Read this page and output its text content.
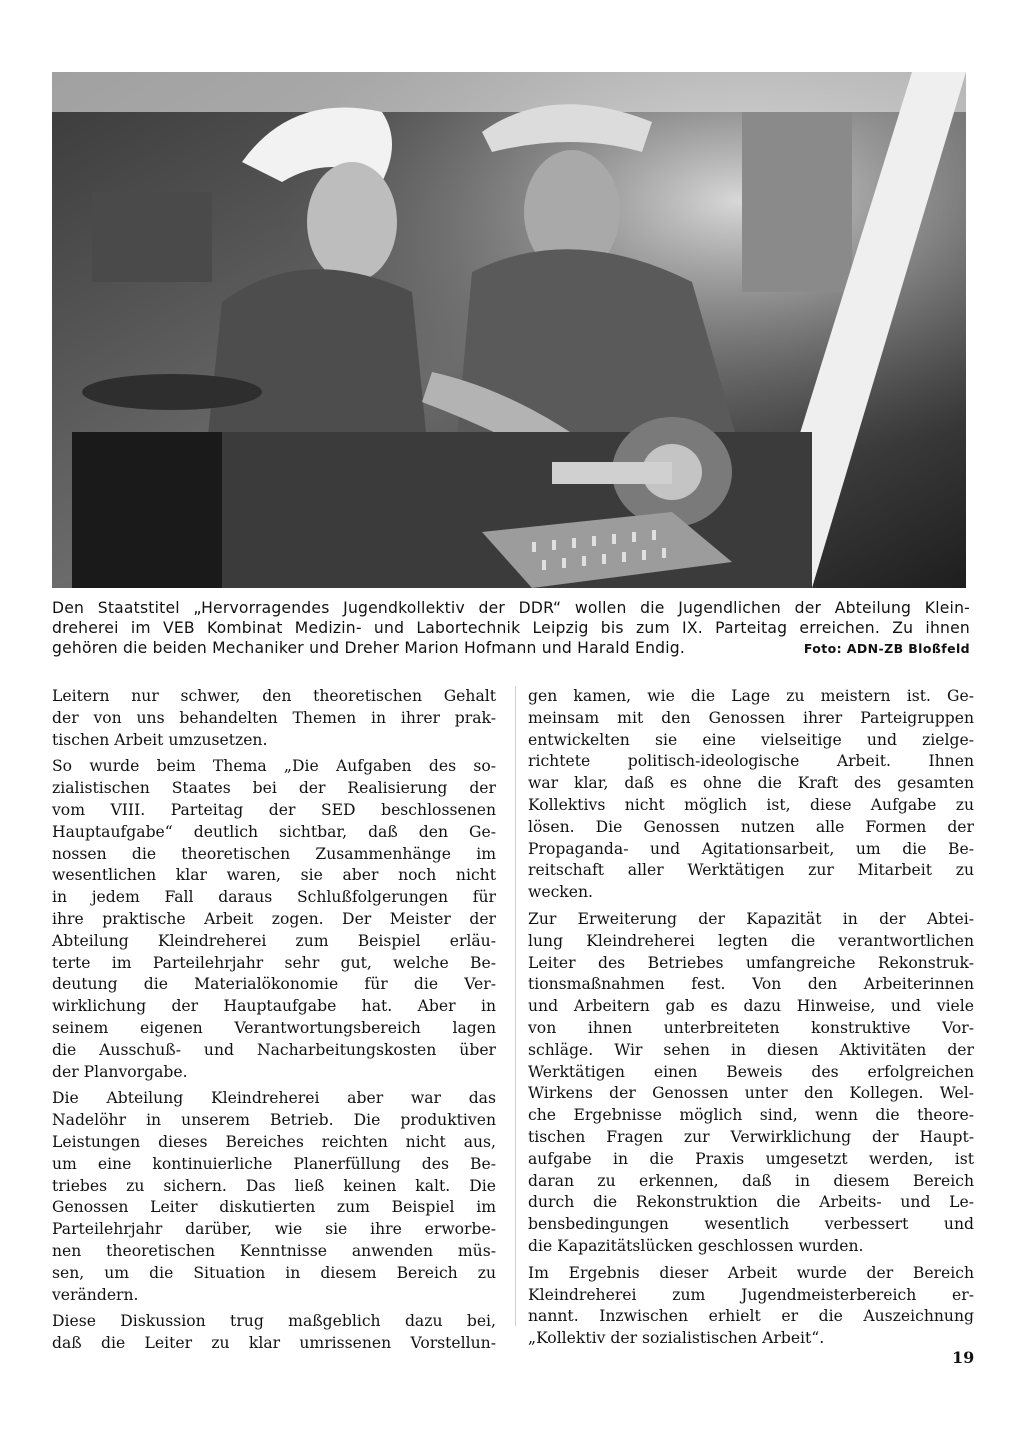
Den Staatstitel „Hervorragendes Jugendkollektiv der DDR“ wollen die Jugendlichen der Abteilung Klein-
dreherei im VEB Kombinat Medizin- und Labortechnik Leipzig bis zum IX. Parteitag erreichen. Zu ihnen
gehören die beiden Mechaniker und Dreher Marion Hofmann und Harald Endig.	Foto: ADN-ZB Bloßfeld

Leitern nur schwer, den theoretischen Gehalt
der von uns behandelten Themen in ihrer prak-
tischen Arbeit umzusetzen.

So wurde beim Thema „Die Aufgaben des so-
zialistischen Staates bei der Realisierung der
vom VIII. Parteitag der SED beschlossenen
Hauptaufgabe“ deutlich sichtbar, daß den Ge-
nossen die theoretischen Zusammenhänge im
wesentlichen klar waren, sie aber noch nicht
in jedem Fall daraus Schlußfolgerungen für
ihre praktische Arbeit zogen. Der Meister der
Abteilung Kleindreherei zum Beispiel erläu-
terte im Parteilehrjahr sehr gut, welche Be-
deutung die Materialökonomie für die Ver-
wirklichung der Hauptaufgabe hat. Aber in
seinem eigenen Verantwortungsbereich lagen
die Ausschuß- und Nacharbeitungskosten über
der Planvorgabe.

Die Abteilung Kleindreherei aber war das
Nadelöhr in unserem Betrieb. Die produktiven
Leistungen dieses Bereiches reichten nicht aus,
um eine kontinuierliche Planerfüllung des Be-
triebes zu sichern. Das ließ keinen kalt. Die
Genossen Leiter diskutierten zum Beispiel im
Parteilehrjahr darüber, wie sie ihre erworbe-
nen theoretischen Kenntnisse anwenden müs-
sen, um die Situation in diesem Bereich zu
verändern.

Diese Diskussion trug maßgeblich dazu bei,
daß die Leiter zu klar umrissenen Vorstellun-

gen kamen, wie die Lage zu meistern ist. Ge-
meinsam mit den Genossen ihrer Parteigruppen
entwickelten sie eine vielseitige und zielge-
richtete politisch-ideologische Arbeit. Ihnen
war klar, daß es ohne die Kraft des gesamten
Kollektivs nicht möglich ist, diese Aufgabe zu
lösen. Die Genossen nutzen alle Formen der
Propaganda- und Agitationsarbeit, um die Be-
reitschaft aller Werktätigen zur Mitarbeit zu
wecken.

Zur Erweiterung der Kapazität in der Abtei-
lung Kleindreherei legten die verantwortlichen
Leiter des Betriebes umfangreiche Rekonstruk-
tionsmaßnahmen fest. Von den Arbeiterinnen
und Arbeitern gab es dazu Hinweise, und viele
von ihnen unterbreiteten konstruktive Vor-
schläge. Wir sehen in diesen Aktivitäten der
Werktätigen einen Beweis des erfolgreichen
Wirkens der Genossen unter den Kollegen. Wel-
che Ergebnisse möglich sind, wenn die theore-
tischen Fragen zur Verwirklichung der Haupt-
aufgabe in die Praxis umgesetzt werden, ist
daran zu erkennen, daß in diesem Bereich
durch die Rekonstruktion die Arbeits- und Le-
bensbedingungen wesentlich verbessert und
die Kapazitätslücken geschlossen wurden.

Im Ergebnis dieser Arbeit wurde der Bereich
Kleindreherei zum Jugendmeisterbereich er-
nannt. Inzwischen erhielt er die Auszeichnung
„Kollektiv der sozialistischen Arbeit“.

19
